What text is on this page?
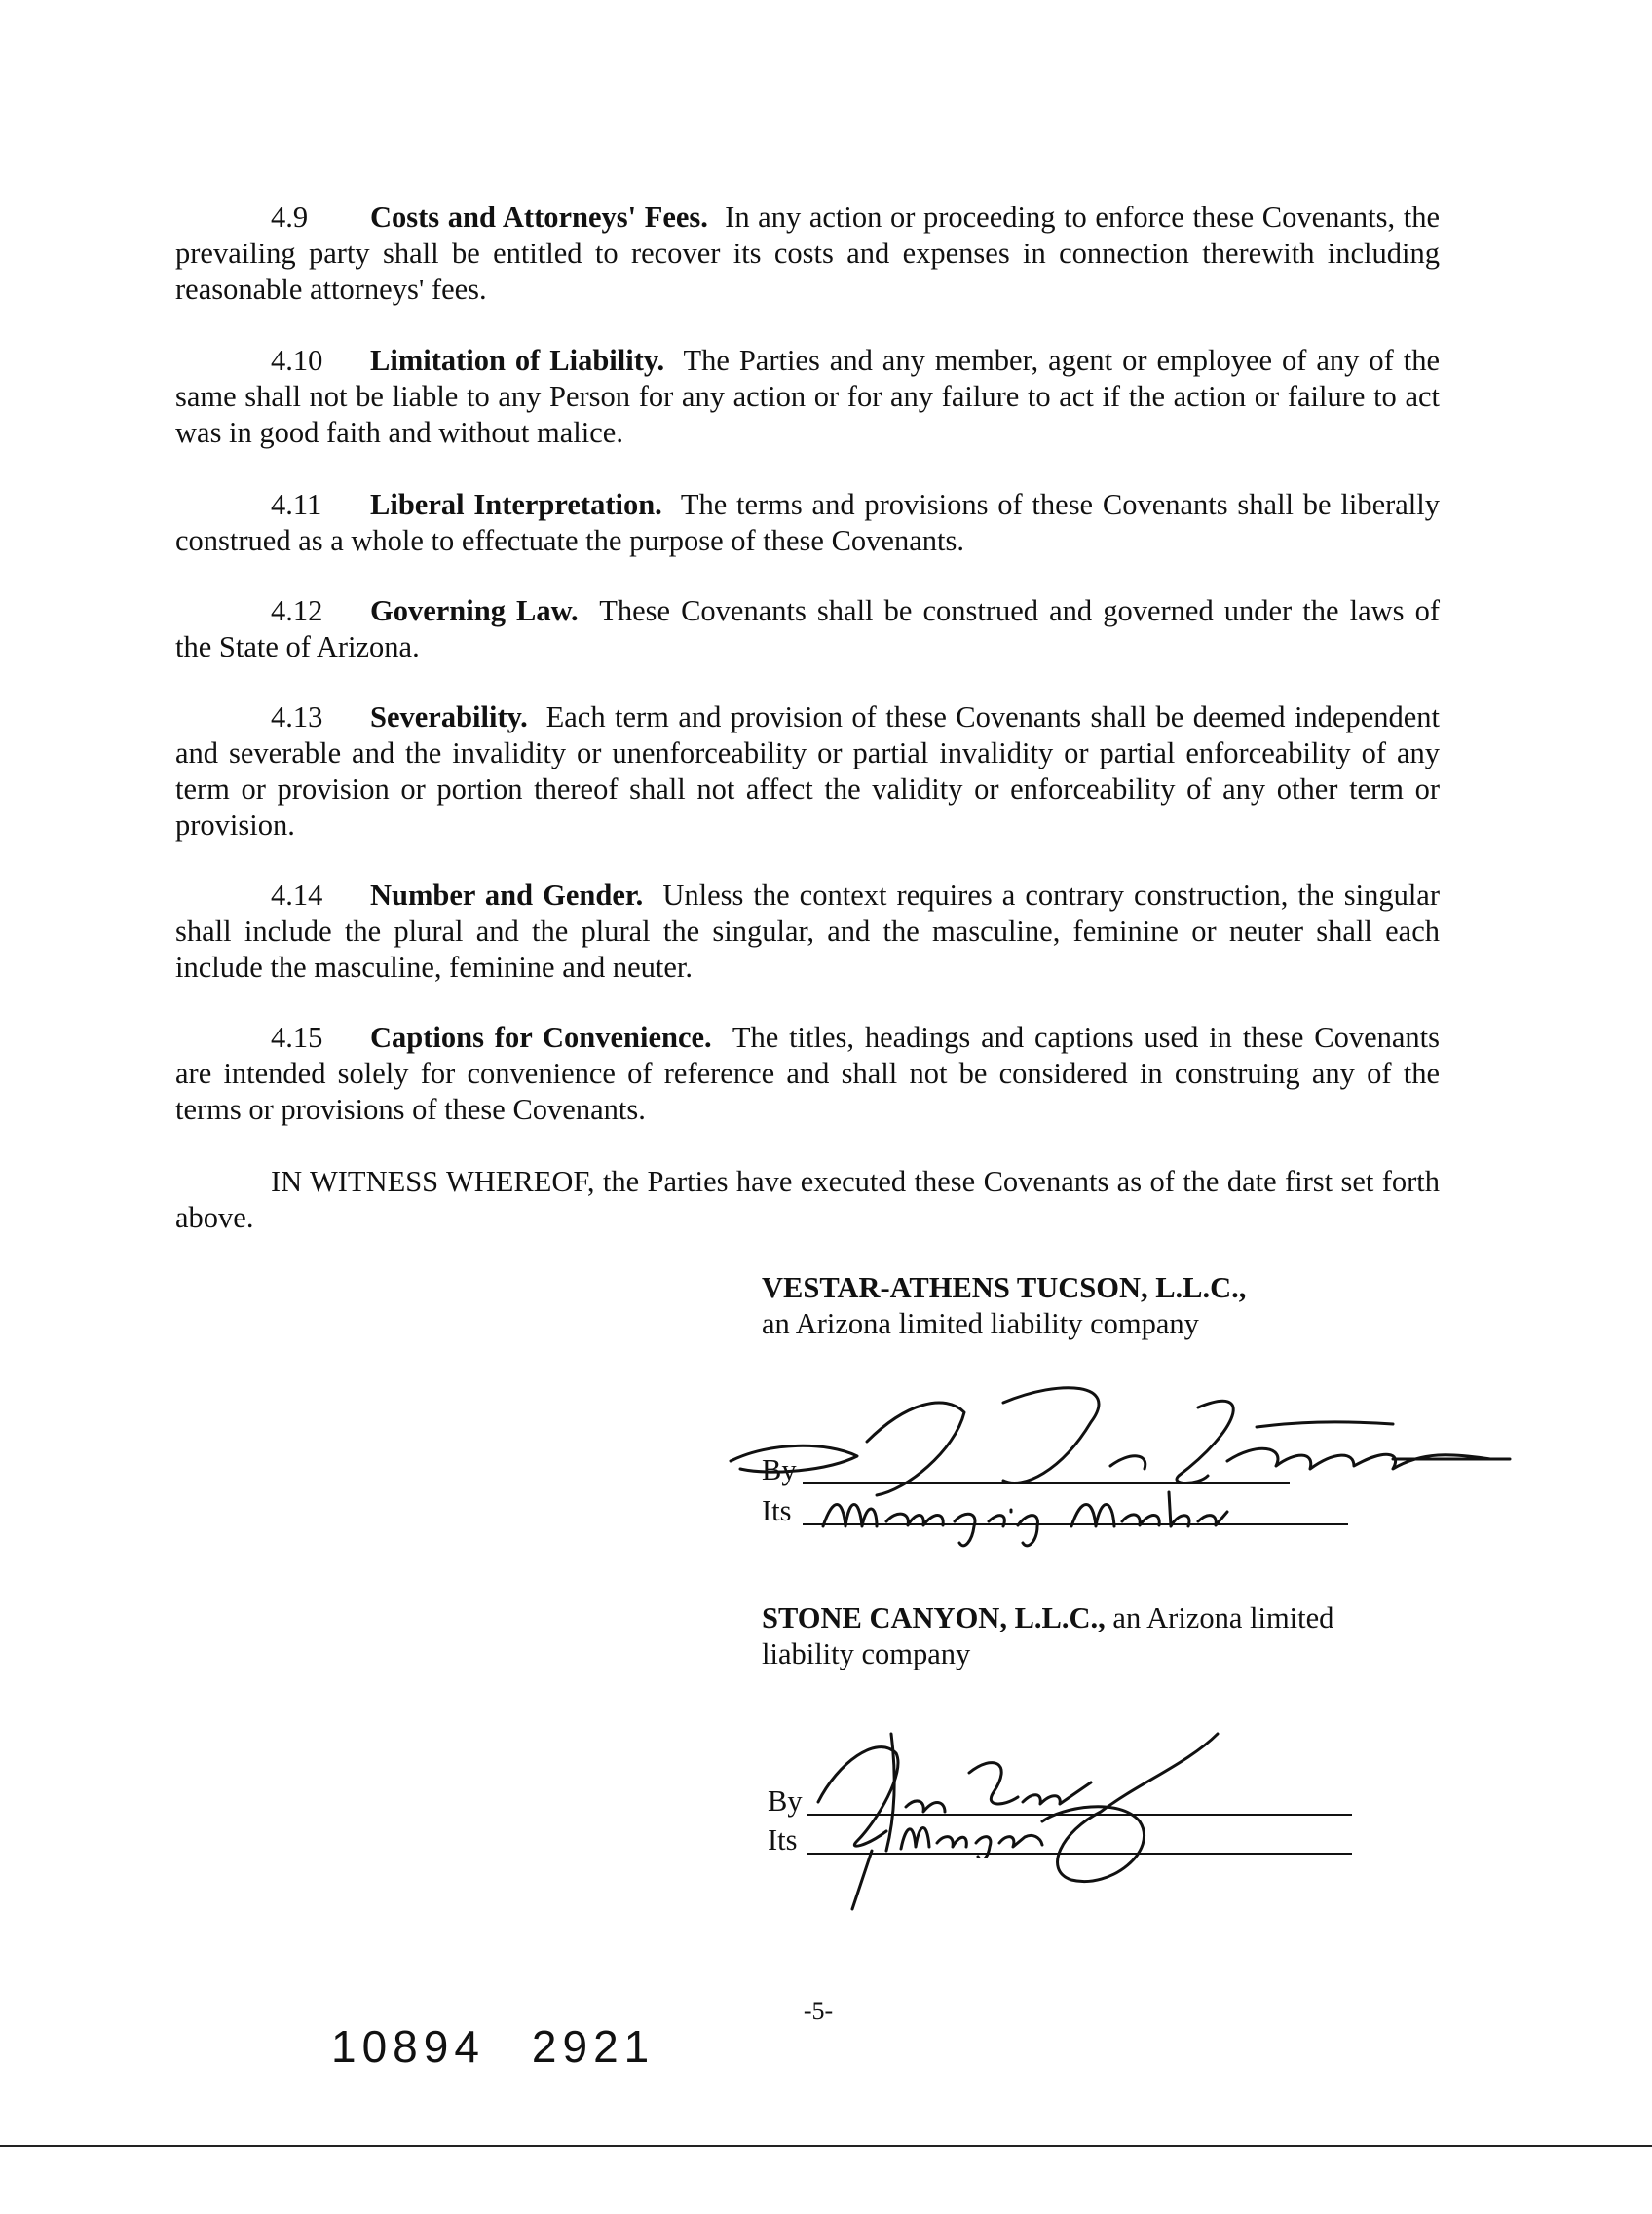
4.9 Costs and Attorneys' Fees. In any action or proceeding to enforce these Covenants, the prevailing party shall be entitled to recover its costs and expenses in connection therewith including reasonable attorneys' fees.

4.10 Limitation of Liability. The Parties and any member, agent or employee of any of the same shall not be liable to any Person for any action or for any failure to act if the action or failure to act was in good faith and without malice.

4.11 Liberal Interpretation. The terms and provisions of these Covenants shall be liberally construed as a whole to effectuate the purpose of these Covenants.

4.12 Governing Law. These Covenants shall be construed and governed under the laws of the State of Arizona.

4.13 Severability. Each term and provision of these Covenants shall be deemed independent and severable and the invalidity or unenforceability or partial invalidity or partial enforceability of any term or provision or portion thereof shall not affect the validity or enforceability of any other term or provision.

4.14 Number and Gender. Unless the context requires a contrary construction, the singular shall include the plural and the plural the singular, and the masculine, feminine or neuter shall each include the masculine, feminine and neuter.

4.15 Captions for Convenience. The titles, headings and captions used in these Covenants are intended solely for convenience of reference and shall not be considered in construing any of the terms or provisions of these Covenants.

IN WITNESS WHEREOF, the Parties have executed these Covenants as of the date first set forth above.

VESTAR-ATHENS TUCSON, L.L.C.,
an Arizona limited liability company
By
Its
STONE CANYON, L.L.C., an Arizona limited liability company
By
Its
-5-
10894 2921
